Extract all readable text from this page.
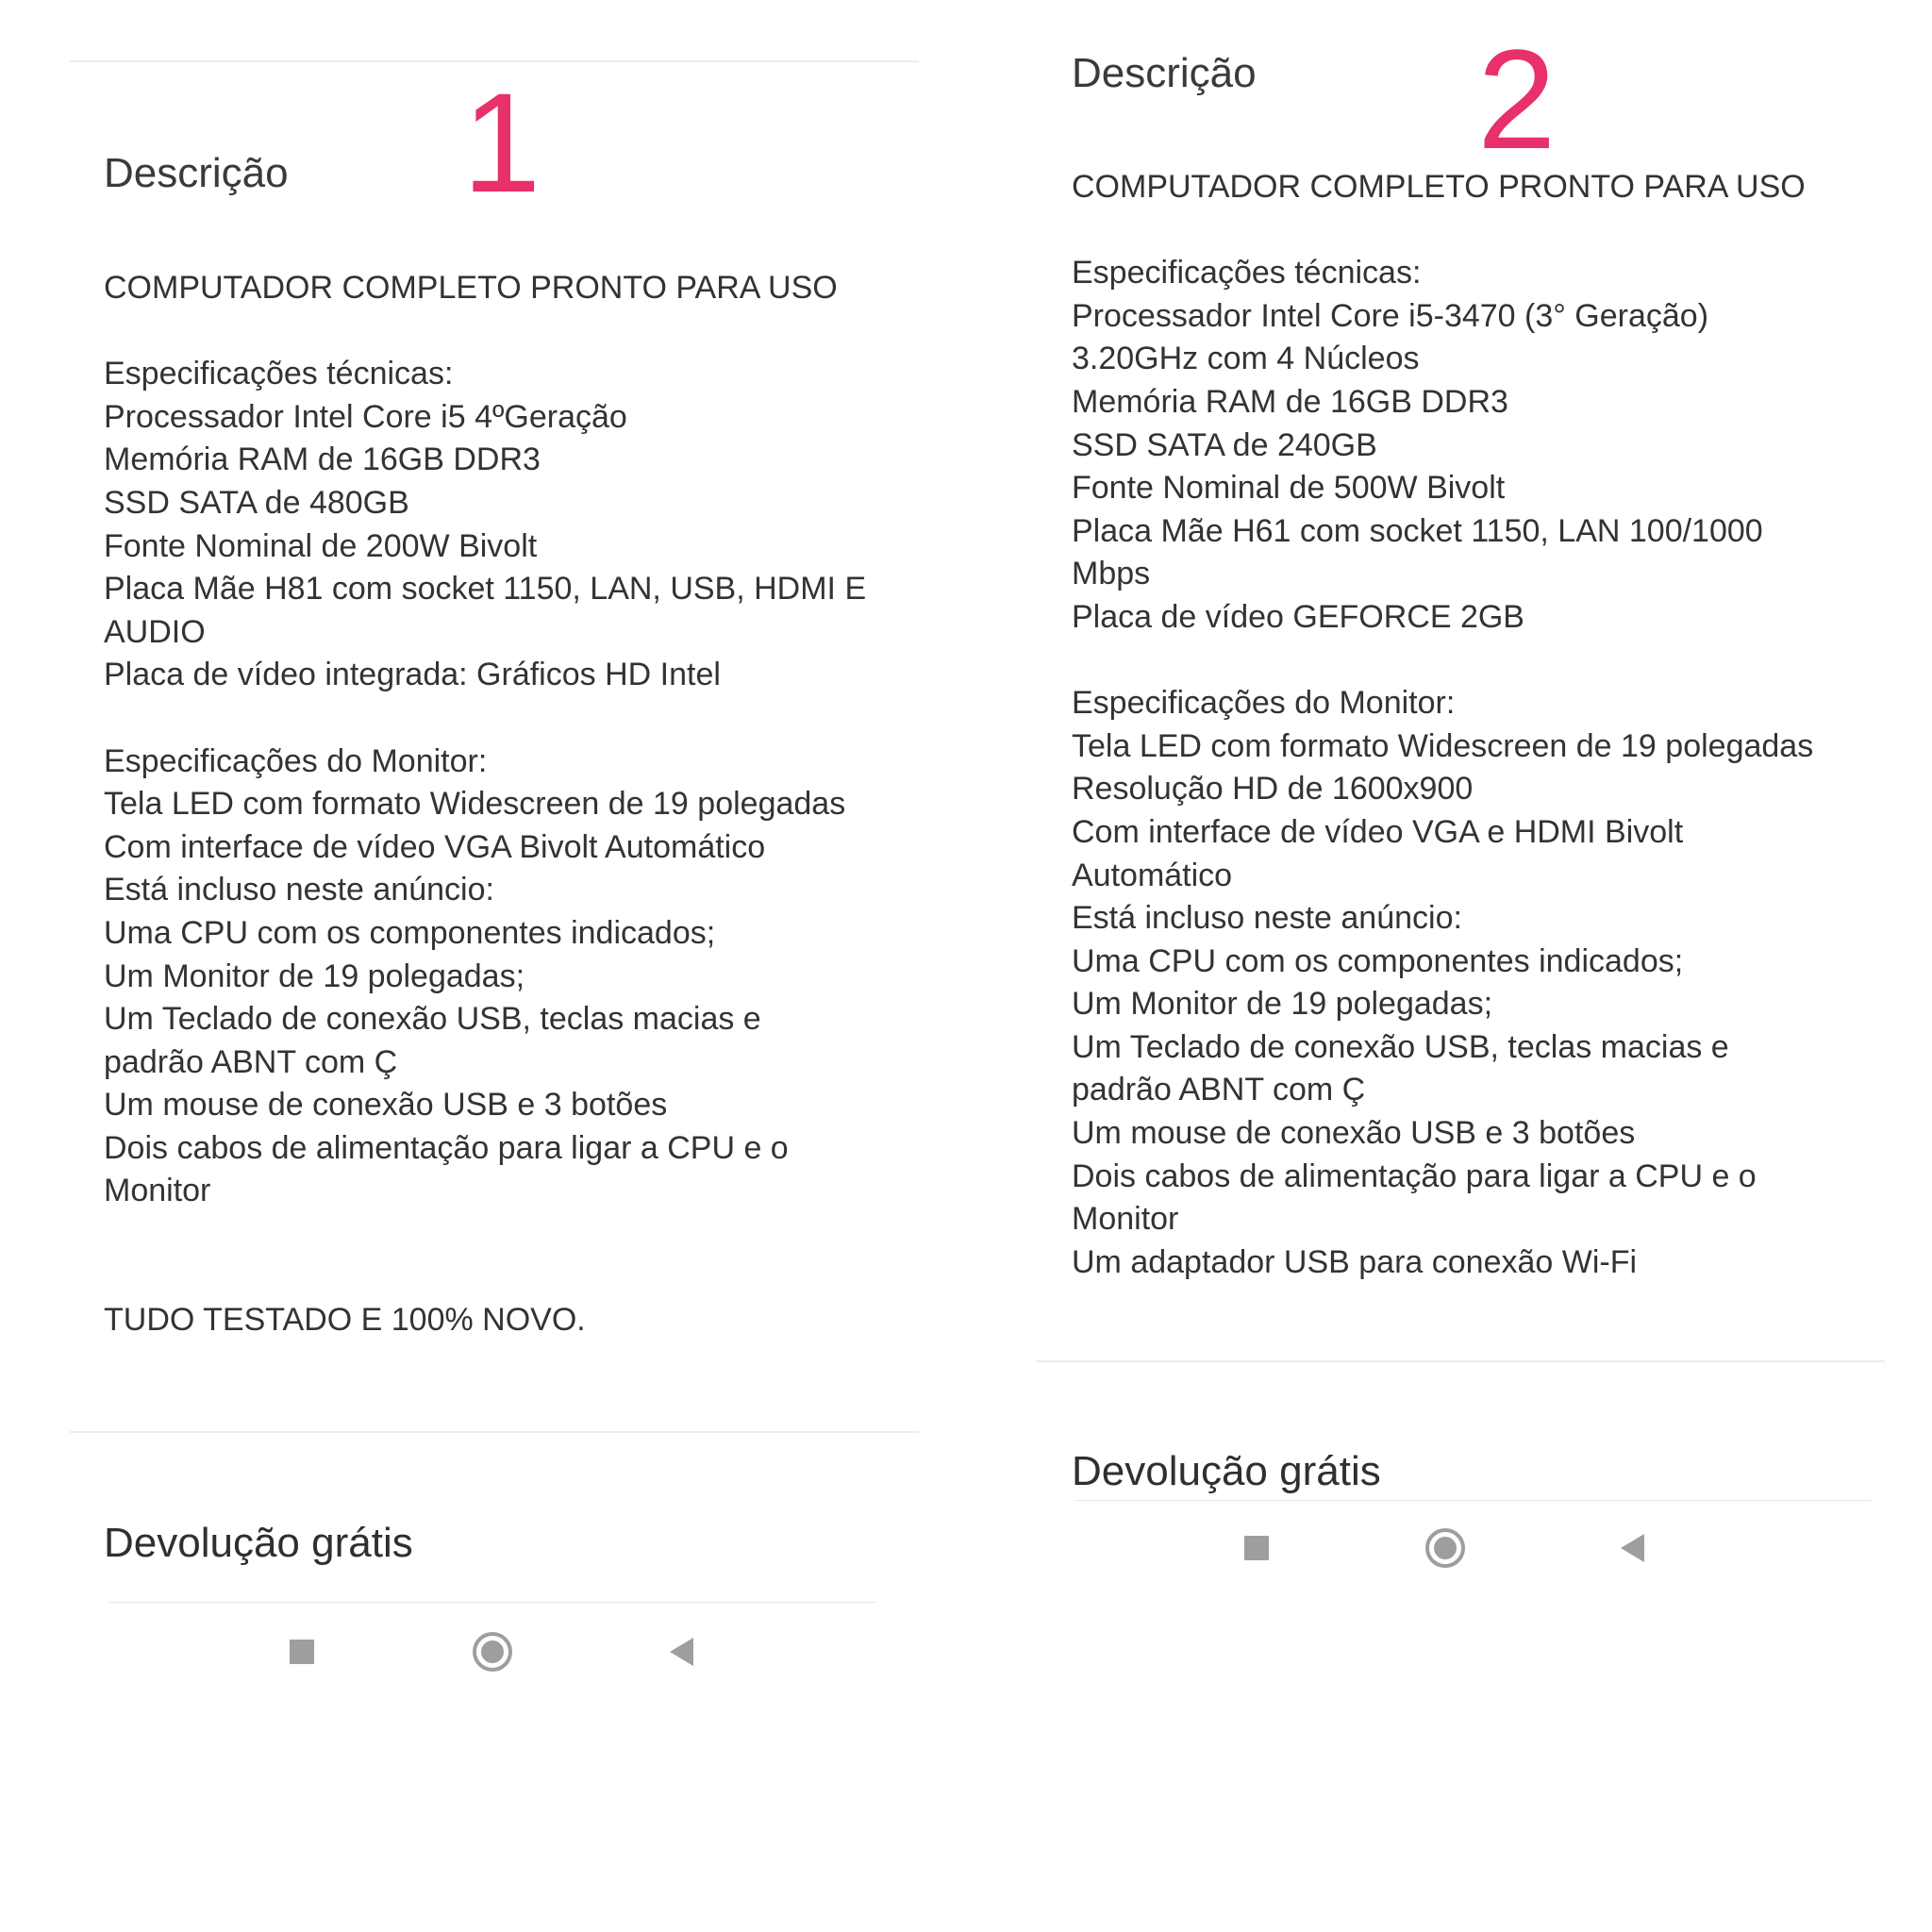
Descrição 1
COMPUTADOR COMPLETO PRONTO PARA USO

Especificações técnicas:
Processador Intel Core i5 4ºGeração
Memória RAM de 16GB DDR3
SSD SATA de 480GB
Fonte Nominal de 200W Bivolt
Placa Mãe H81 com socket 1150, LAN, USB, HDMI E
AUDIO
Placa de vídeo integrada: Gráficos HD Intel

Especificações do Monitor:
Tela LED com formato Widescreen de 19 polegadas
Com interface de vídeo VGA Bivolt Automático
Está incluso neste anúncio:
Uma CPU com os componentes indicados;
Um Monitor de 19 polegadas;
Um Teclado de conexão USB, teclas macias e
padrão ABNT com Ç
Um mouse de conexão USB e 3 botões
Dois cabos de alimentação para ligar a CPU e o
Monitor

TUDO TESTADO E 100% NOVO.
Devolução grátis
Descrição 2
COMPUTADOR COMPLETO PRONTO PARA USO

Especificações técnicas:
Processador Intel Core i5-3470 (3° Geração)
3.20GHz com 4 Núcleos
Memória RAM de 16GB DDR3
SSD SATA de 240GB
Fonte Nominal de 500W Bivolt
Placa Mãe H61 com socket 1150, LAN 100/1000
Mbps
Placa de vídeo GEFORCE 2GB

Especificações do Monitor:
Tela LED com formato Widescreen de 19 polegadas
Resolução HD de 1600x900
Com interface de vídeo VGA e HDMI Bivolt
Automático
Está incluso neste anúncio:
Uma CPU com os componentes indicados;
Um Monitor de 19 polegadas;
Um Teclado de conexão USB, teclas macias e
padrão ABNT com Ç
Um mouse de conexão USB e 3 botões
Dois cabos de alimentação para ligar a CPU e o
Monitor
Um adaptador USB para conexão Wi-Fi
Devolução grátis
